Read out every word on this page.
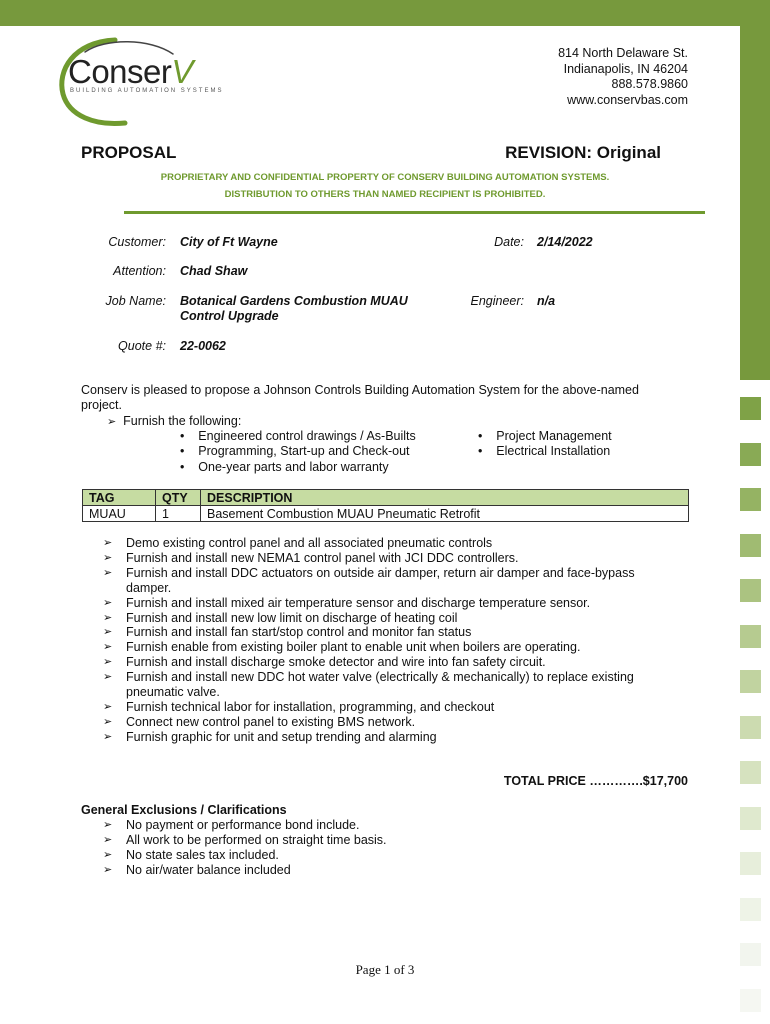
ConserV
BUILDING AUTOMATION SYSTEMS
814 North Delaware St.
Indianapolis, IN 46204
888.578.9860
www.conservbas.com
PROPOSAL	REVISION: Original
PROPRIETARY AND CONFIDENTIAL PROPERTY OF CONSERV BUILDING AUTOMATION SYSTEMS.
DISTRIBUTION TO OTHERS THAN NAMED RECIPIENT IS PROHIBITED.
Customer: City of Ft Wayne	Date: 2/14/2022
Attention: Chad Shaw
Job Name: Botanical Gardens Combustion MUAU
Control Upgrade
Engineer: n/a
Quote #: 22-0062
Conserv is pleased to propose a Johnson Controls Building Automation System for the above-named project.
➢ Furnish the following:
•    Engineered control drawings / As-Builts
•    Programming, Start-up and Check-out
•    One-year parts and labor warranty
•    Project Management
•    Electrical Installation
TAG	QTY	DESCRIPTION
MUAU	1	Basement Combustion MUAU Pneumatic Retrofit
➢ Demo existing control panel and all associated pneumatic controls
➢ Furnish and install new NEMA1 control panel with JCI DDC controllers.
➢ Furnish and install DDC actuators on outside air damper, return air damper and face-bypass damper.
➢ Furnish and install mixed air temperature sensor and discharge temperature sensor.
➢ Furnish and install new low limit on discharge of heating coil
➢ Furnish and install fan start/stop control and monitor fan status
➢ Furnish enable from existing boiler plant to enable unit when boilers are operating.
➢ Furnish and install discharge smoke detector and wire into fan safety circuit.
➢ Furnish and install new DDC hot water valve (electrically & mechanically) to replace existing pneumatic valve.
➢ Furnish technical labor for installation, programming, and checkout
➢ Connect new control panel to existing BMS network.
➢ Furnish graphic for unit and setup trending and alarming
TOTAL PRICE ………….$17,700
General Exclusions / Clarifications
➢ No payment or performance bond include.
➢ All work to be performed on straight time basis.
➢ No state sales tax included.
➢ No air/water balance included
Page 1 of 3
